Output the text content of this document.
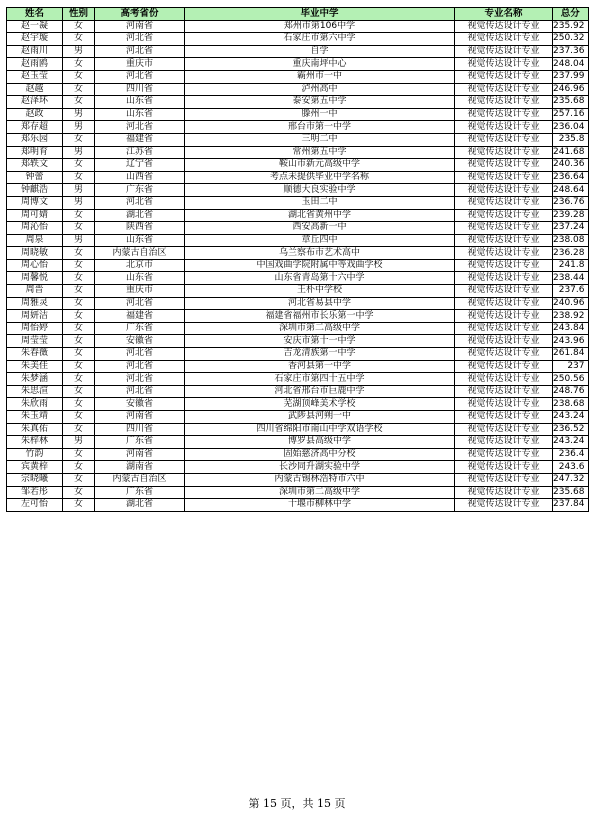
姓名	性别	高考省份	毕业中学	专业名称	总分
赵一凝	女	河南省	郑州市第106中学	视觉传达设计专业	235.92
赵宇璇	女	河北省	石家庄市第六中学	视觉传达设计专业	250.32
赵雨川	男	河北省	自学	视觉传达设计专业	237.36
赵雨鸥	女	重庆市	重庆南坪中心	视觉传达设计专业	248.04
赵玉莹	女	河北省	霸州市一中	视觉传达设计专业	237.99
赵越	女	四川省	泸州高中	视觉传达设计专业	246.96
赵泽环	女	山东省	泰安第五中学	视觉传达设计专业	235.68
赵政	男	山东省	滕州一中	视觉传达设计专业	257.16
郑存超	男	河北省	邢台市第一中学	视觉传达设计专业	236.04
郑乐园	女	福建省	三明二中	视觉传达设计专业	235.8
郑明育	男	江苏省	常州第五中学	视觉传达设计专业	241.68
郑轶文	女	辽宁省	鞍山市新元高级中学	视觉传达设计专业	240.36
钟蕾	女	山西省	考点未提供毕业中学名称	视觉传达设计专业	236.64
钟麒浩	男	广东省	顺德大良实验中学	视觉传达设计专业	248.64
周博文	男	河北省	玉田二中	视觉传达设计专业	236.76
周可婧	女	湖北省	湖北省黄州中学	视觉传达设计专业	239.28
周沁怡	女	陕西省	西安高新一中	视觉传达设计专业	237.24
周泉	男	山东省	章丘四中	视觉传达设计专业	238.08
周晓敏	女	内蒙古自治区	乌兰察布市艺术高中	视觉传达设计专业	236.28
周心怡	女	北京市	中国戏曲学院附属中等戏曲学校	视觉传达设计专业	241.8
周馨悦	女	山东省	山东省青岛第十六中学	视觉传达设计专业	238.44
周晋	女	重庆市	王朴中学校	视觉传达设计专业	237.6
周雅灵	女	河北省	河北省易县中学	视觉传达设计专业	240.96
周妍洁	女	福建省	福建省福州市长乐第一中学	视觉传达设计专业	238.92
周怡婷	女	广东省	深圳市第二高级中学	视觉传达设计专业	243.84
周莹莹	女	安徽省	安庆市第十一中学	视觉传达设计专业	243.96
朱春薇	女	河北省	吉龙清族第一中学	视觉传达设计专业	261.84
朱美佳	女	河北省	香河县第一中学	视觉传达设计专业	237
朱梦涵	女	河北省	石家庄市第四十五中学	视觉传达设计专业	250.56
朱思渲	女	河北省	河北省邢台市巨鹿中学	视觉传达设计专业	248.76
朱欣雨	女	安徽省	芜湖顶峰美术学校	视觉传达设计专业	238.68
朱玉靖	女	河南省	武陟县河朔一中	视觉传达设计专业	243.24
朱真佑	女	四川省	四川省绵阳市南山中学双语学校	视觉传达设计专业	236.52
朱梓林	男	广东省	博罗县高级中学	视觉传达设计专业	243.24
竹韵	女	河南省	固始慈济高中分校	视觉传达设计专业	236.4
宾黄梓	女	湖南省	长沙同升湖实验中学	视觉传达设计专业	243.6
宗晓曦	女	内蒙古自治区	内蒙古锡林浩特市六中	视觉传达设计专业	247.32
邹若彤	女	广东省	深圳市第二高级中学	视觉传达设计专业	235.68
左可怡	女	湖北省	十堰市柳林中学	视觉传达设计专业	237.84
第 15 页，共 15 页
